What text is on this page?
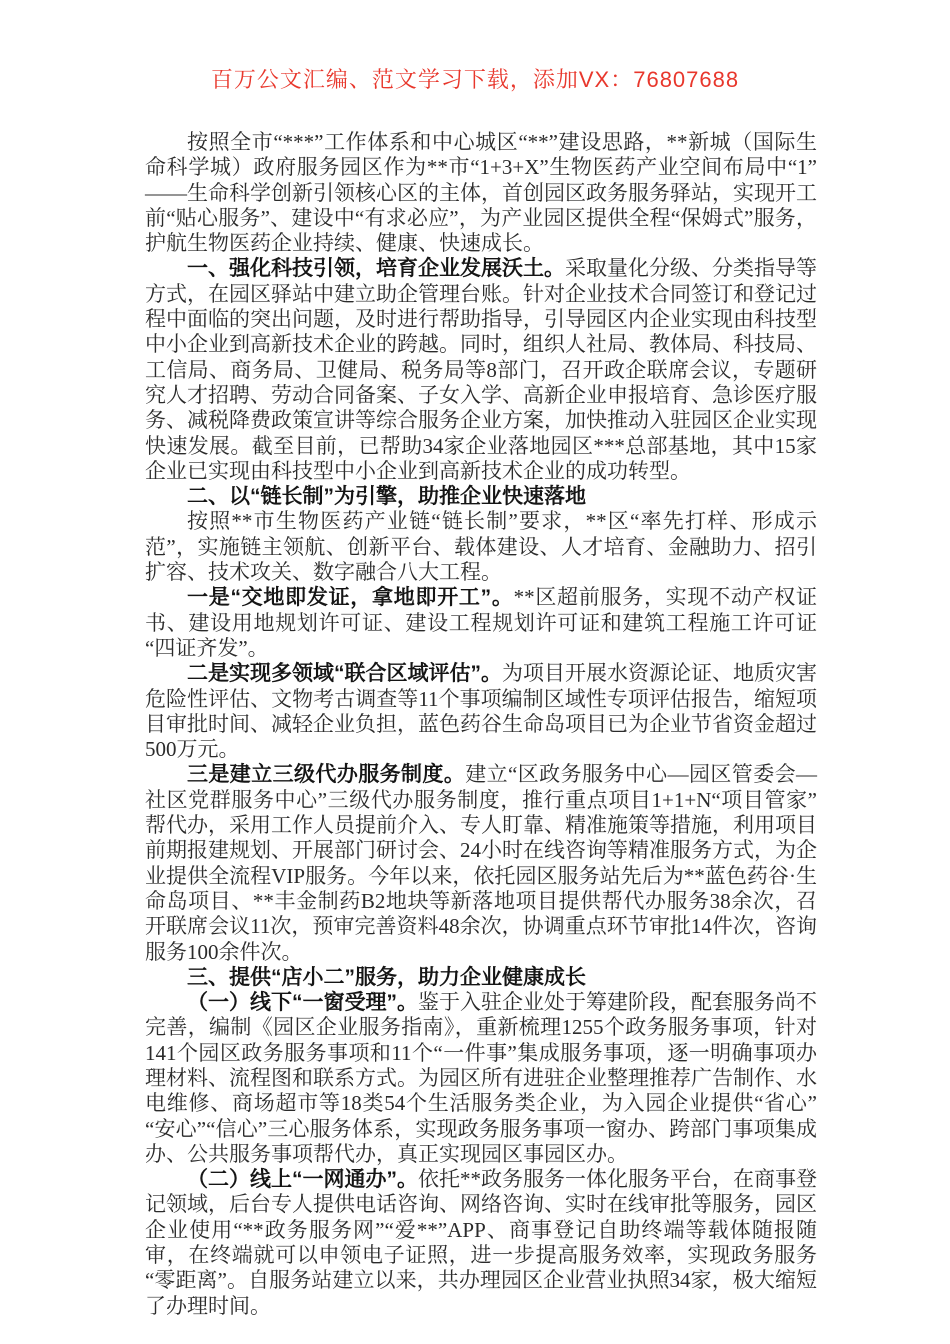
百万公文汇编、范文学习下载，添加VX：76807688

按照全市“***”工作体系和中心城区“**”建设思路，**新城（国际生命科学城）政府服务园区作为**市“1+3+X”生物医药产业空间布局中“1”——生命科学创新引领核心区的主体，首创园区政务服务驿站，实现开工前“贴心服务”、建设中“有求必应”，为产业园区提供全程“保姆式”服务，护航生物医药企业持续、健康、快速成长。

一、强化科技引领，培育企业发展沃土。采取量化分级、分类指导等方式，在园区驿站中建立助企管理台账。针对企业技术合同签订和登记过程中面临的突出问题，及时进行帮助指导，引导园区内企业实现由科技型中小企业到高新技术企业的跨越。同时，组织人社局、教体局、科技局、工信局、商务局、卫健局、税务局等8部门，召开政企联席会议，专题研究人才招聘、劳动合同备案、子女入学、高新企业申报培育、急诊医疗服务、减税降费政策宣讲等综合服务企业方案，加快推动入驻园区企业实现快速发展。截至目前，已帮助34家企业落地园区***总部基地，其中15家企业已实现由科技型中小企业到高新技术企业的成功转型。

二、以“链长制”为引擎，助推企业快速落地

按照**市生物医药产业链“链长制”要求，**区“率先打样、形成示范”，实施链主领航、创新平台、载体建设、人才培育、金融助力、招引扩容、技术攻关、数字融合八大工程。

一是“交地即发证，拿地即开工”。**区超前服务，实现不动产权证书、建设用地规划许可证、建设工程规划许可证和建筑工程施工许可证“四证齐发”。

二是实现多领域“联合区域评估”。为项目开展水资源论证、地质灾害危险性评估、文物考古调查等11个事项编制区域性专项评估报告，缩短项目审批时间、减轻企业负担，蓝色药谷生命岛项目已为企业节省资金超过500万元。

三是建立三级代办服务制度。建立“区政务服务中心—园区管委会—社区党群服务中心”三级代办服务制度，推行重点项目1+1+N“项目管家”帮代办，采用工作人员提前介入、专人盯靠、精准施策等措施，利用项目前期报建规划、开展部门研讨会、24小时在线咨询等精准服务方式，为企业提供全流程VIP服务。今年以来，依托园区服务站先后为**蓝色药谷·生命岛项目、**丰金制药B2地块等新落地项目提供帮代办服务38余次，召开联席会议11次，预审完善资料48余次，协调重点环节审批14件次，咨询服务100余件次。

三、提供“店小二”服务，助力企业健康成长

（一）线下“一窗受理”。鉴于入驻企业处于筹建阶段，配套服务尚不完善，编制《园区企业服务指南》，重新梳理1255个政务服务事项，针对141个园区政务服务事项和11个“一件事”集成服务事项，逐一明确事项办理材料、流程图和联系方式。为园区所有进驻企业整理推荐广告制作、水电维修、商场超市等18类54个生活服务类企业，为入园企业提供“省心”“安心”“信心”三心服务体系，实现政务服务事项一窗办、跨部门事项集成办、公共服务事项帮代办，真正实现园区事园区办。

（二）线上“一网通办”。依托**政务服务一体化服务平台，在商事登记领域，后台专人提供电话咨询、网络咨询、实时在线审批等服务，园区企业使用“**政务服务网”“爱**”APP、商事登记自助终端等载体随报随审，在终端就可以申领电子证照，进一步提高服务效率，实现政务服务“零距离”。自服务站建立以来，共办理园区企业营业执照34家，极大缩短了办理时间。
